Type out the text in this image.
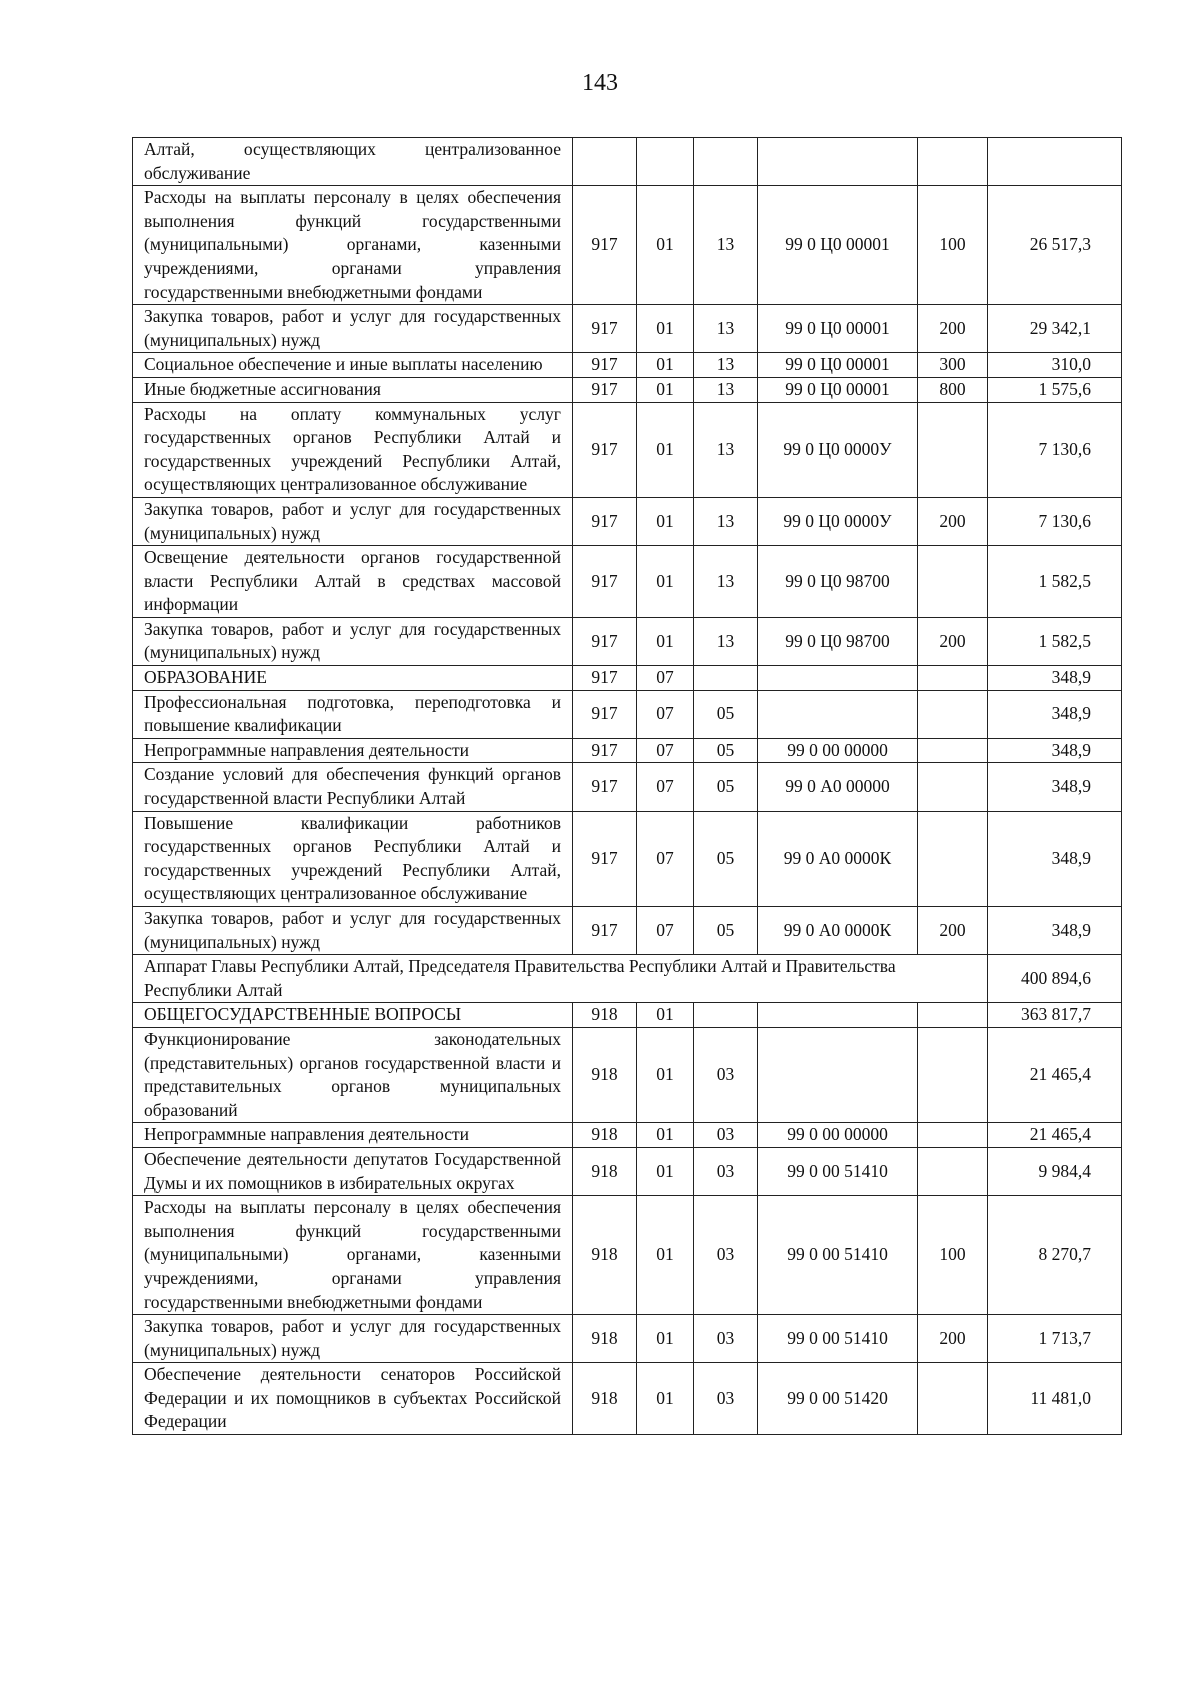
143
Алтай, осуществляющих централизованное обслуживание						
Расходы на выплаты персоналу в целях обеспечения выполнения функций государственными (муниципальными) органами, казенными учреждениями, органами управления государственными внебюджетными фондами	917	01	13	99 0 Ц0 00001	100	26 517,3
Закупка товаров, работ и услуг для государственных (муниципальных) нужд	917	01	13	99 0 Ц0 00001	200	29 342,1
Социальное обеспечение и иные выплаты населению	917	01	13	99 0 Ц0 00001	300	310,0
Иные бюджетные ассигнования	917	01	13	99 0 Ц0 00001	800	1 575,6
Расходы на оплату коммунальных услуг государственных органов Республики Алтай и государственных учреждений Республики Алтай, осуществляющих централизованное обслуживание	917	01	13	99 0 Ц0 0000У		7 130,6
Закупка товаров, работ и услуг для государственных (муниципальных) нужд	917	01	13	99 0 Ц0 0000У	200	7 130,6
Освещение деятельности органов государственной власти Республики Алтай в средствах массовой информации	917	01	13	99 0 Ц0 98700		1 582,5
Закупка товаров, работ и услуг для государственных (муниципальных) нужд	917	01	13	99 0 Ц0 98700	200	1 582,5
ОБРАЗОВАНИЕ	917	07				348,9
Профессиональная подготовка, переподготовка и повышение квалификации	917	07	05			348,9
Непрограммные направления деятельности	917	07	05	99 0 00 00000		348,9
Создание условий для обеспечения функций органов государственной власти Республики Алтай	917	07	05	99 0 А0 00000		348,9
Повышение квалификации работников государственных органов Республики Алтай и государственных учреждений Республики Алтай, осуществляющих централизованное обслуживание	917	07	05	99 0 А0 0000К		348,9
Закупка товаров, работ и услуг для государственных (муниципальных) нужд	917	07	05	99 0 А0 0000К	200	348,9
Аппарат Главы Республики Алтай, Председателя Правительства Республики Алтай и Правительства Республики Алтай						400 894,6
ОБЩЕГОСУДАРСТВЕННЫЕ ВОПРОСЫ	918	01				363 817,7
Функционирование законодательных (представительных) органов государственной власти и представительных органов муниципальных образований	918	01	03			21 465,4
Непрограммные направления деятельности	918	01	03	99 0 00 00000		21 465,4
Обеспечение деятельности депутатов Государственной Думы и их помощников в избирательных округах	918	01	03	99 0 00 51410		9 984,4
Расходы на выплаты персоналу в целях обеспечения выполнения функций государственными (муниципальными) органами, казенными учреждениями, органами управления государственными внебюджетными фондами	918	01	03	99 0 00 51410	100	8 270,7
Закупка товаров, работ и услуг для государственных (муниципальных) нужд	918	01	03	99 0 00 51410	200	1 713,7
Обеспечение деятельности сенаторов Российской Федерации и их помощников в субъектах Российской Федерации	918	01	03	99 0 00 51420		11 481,0
